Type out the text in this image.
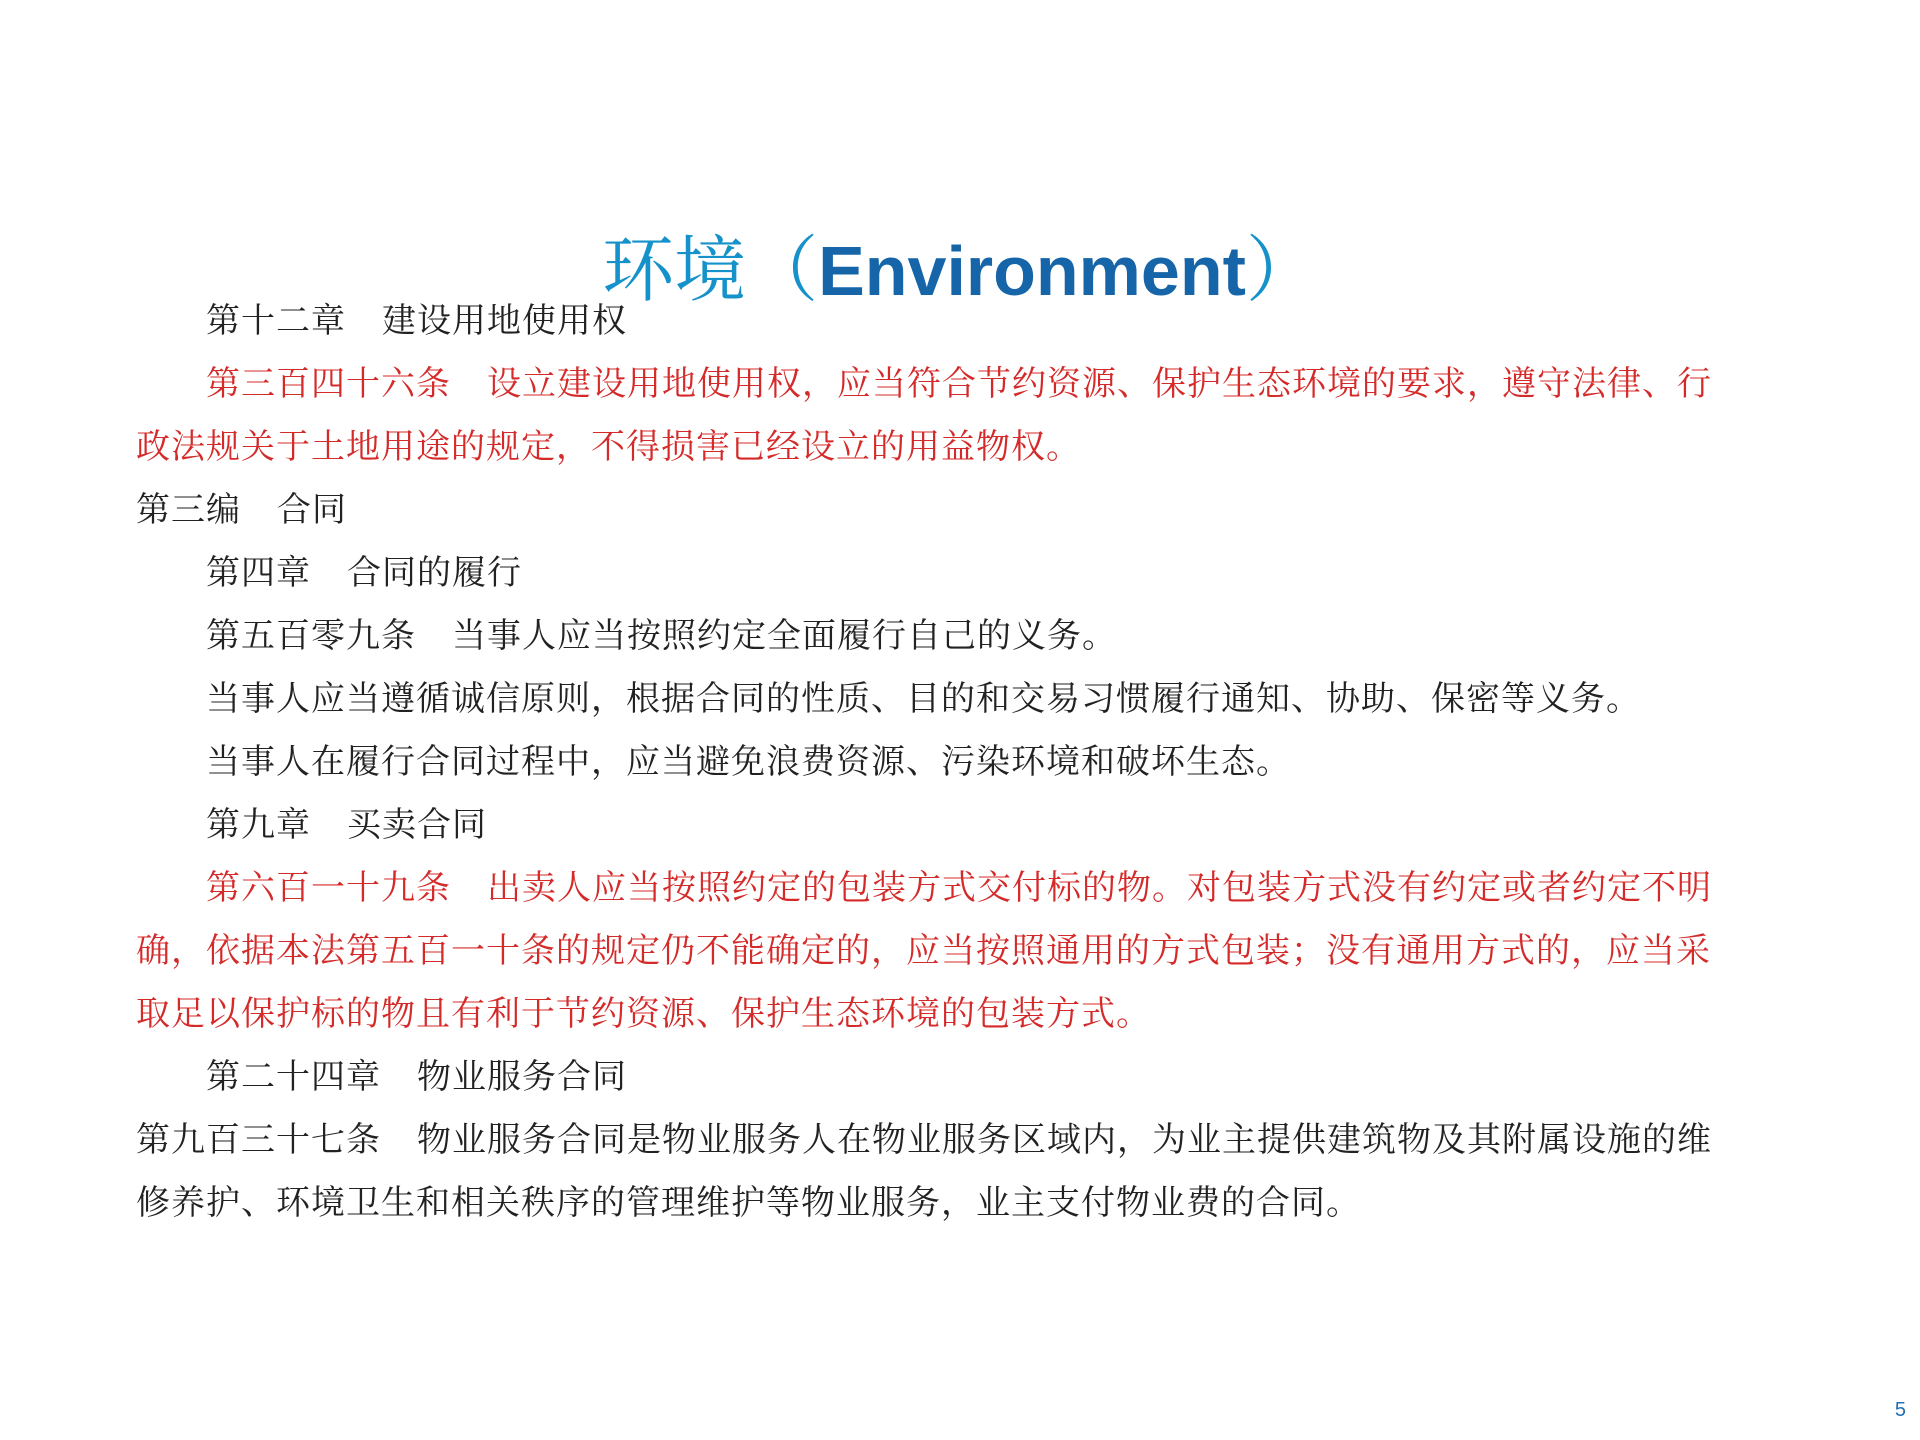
环境（Environment）
第十二章 建设用地使用权
第三百四十六条 设立建设用地使用权，应当符合节约资源、保护生态环境的要求，遵守法律、行
政法规关于土地用途的规定，不得损害已经设立的用益物权。
第三编 合同
第四章 合同的履行
第五百零九条 当事人应当按照约定全面履行自己的义务。
当事人应当遵循诚信原则，根据合同的性质、目的和交易习惯履行通知、协助、保密等义务。
当事人在履行合同过程中，应当避免浪费资源、污染环境和破坏生态。
第九章 买卖合同
第六百一十九条 出卖人应当按照约定的包装方式交付标的物。对包装方式没有约定或者约定不明
确，依据本法第五百一十条的规定仍不能确定的，应当按照通用的方式包装；没有通用方式的，应当采
取足以保护标的物且有利于节约资源、保护生态环境的包装方式。
第二十四章 物业服务合同
第九百三十七条 物业服务合同是物业服务人在物业服务区域内，为业主提供建筑物及其附属设施的维
修养护、环境卫生和相关秩序的管理维护等物业服务，业主支付物业费的合同。
5
